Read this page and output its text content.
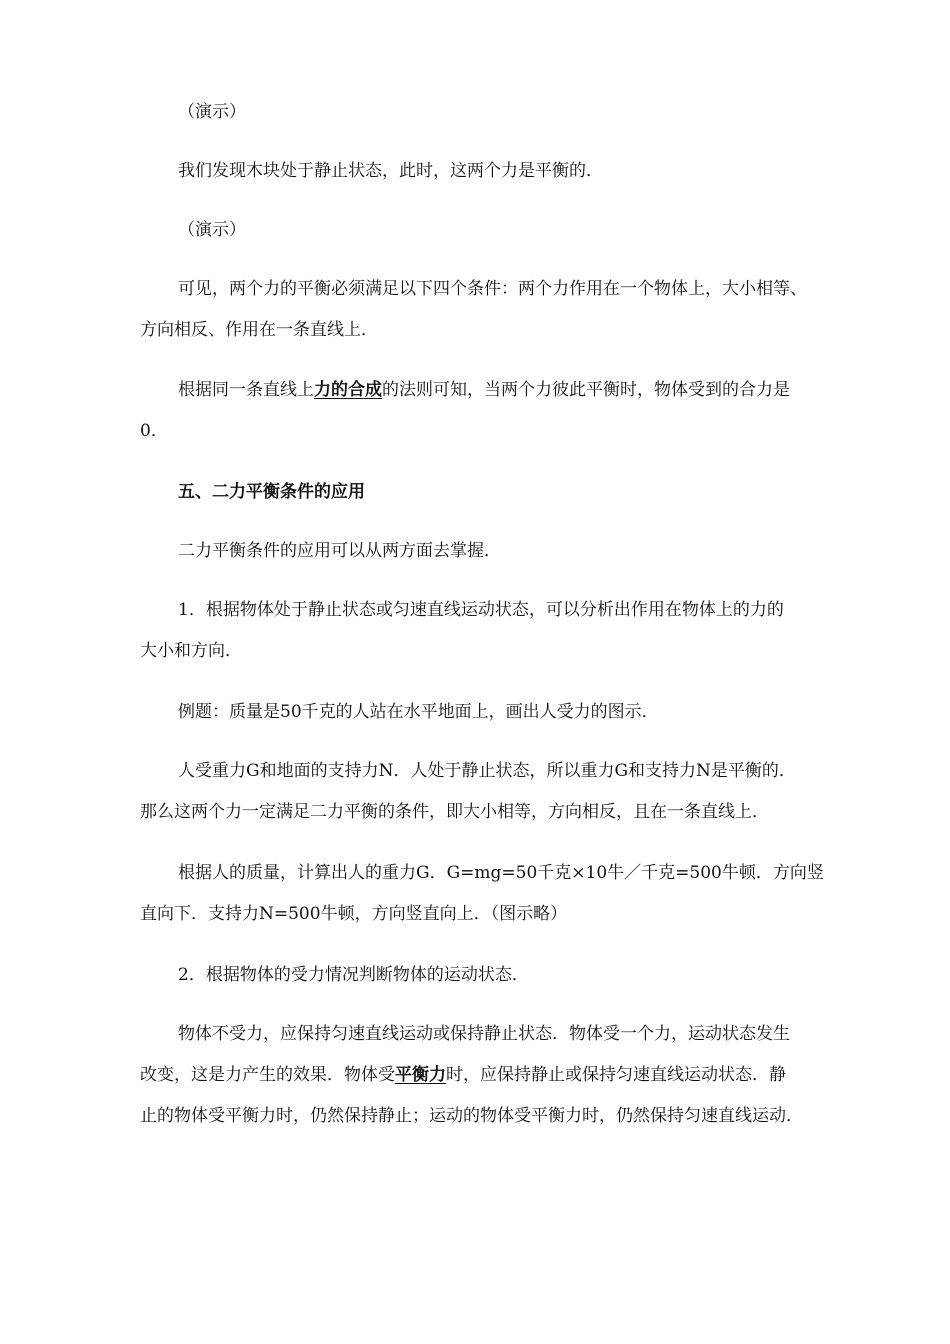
（演示）

我们发现木块处于静止状态，此时，这两个力是平衡的．

（演示）

可见，两个力的平衡必须满足以下四个条件：两个力作用在一个物体上，大小相等、
方向相反、作用在一条直线上．

根据同一条直线上力的合成的法则可知，当两个力彼此平衡时，物体受到的合力是
0．

五、二力平衡条件的应用

二力平衡条件的应用可以从两方面去掌握．

1．根据物体处于静止状态或匀速直线运动状态，可以分析出作用在物体上的力的
大小和方向．

例题：质量是50千克的人站在水平地面上，画出人受力的图示．

人受重力G和地面的支持力N．人处于静止状态，所以重力G和支持力N是平衡的．
那么这两个力一定满足二力平衡的条件，即大小相等，方向相反，且在一条直线上．

根据人的质量，计算出人的重力G．G=mg=50千克×10牛／千克=500牛顿．方向竖
直向下．支持力N=500牛顿，方向竖直向上．（图示略）

2．根据物体的受力情况判断物体的运动状态．

物体不受力，应保持匀速直线运动或保持静止状态．物体受一个力，运动状态发生
改变，这是力产生的效果．物体受平衡力时，应保持静止或保持匀速直线运动状态．静
止的物体受平衡力时，仍然保持静止；运动的物体受平衡力时，仍然保持匀速直线运动．
